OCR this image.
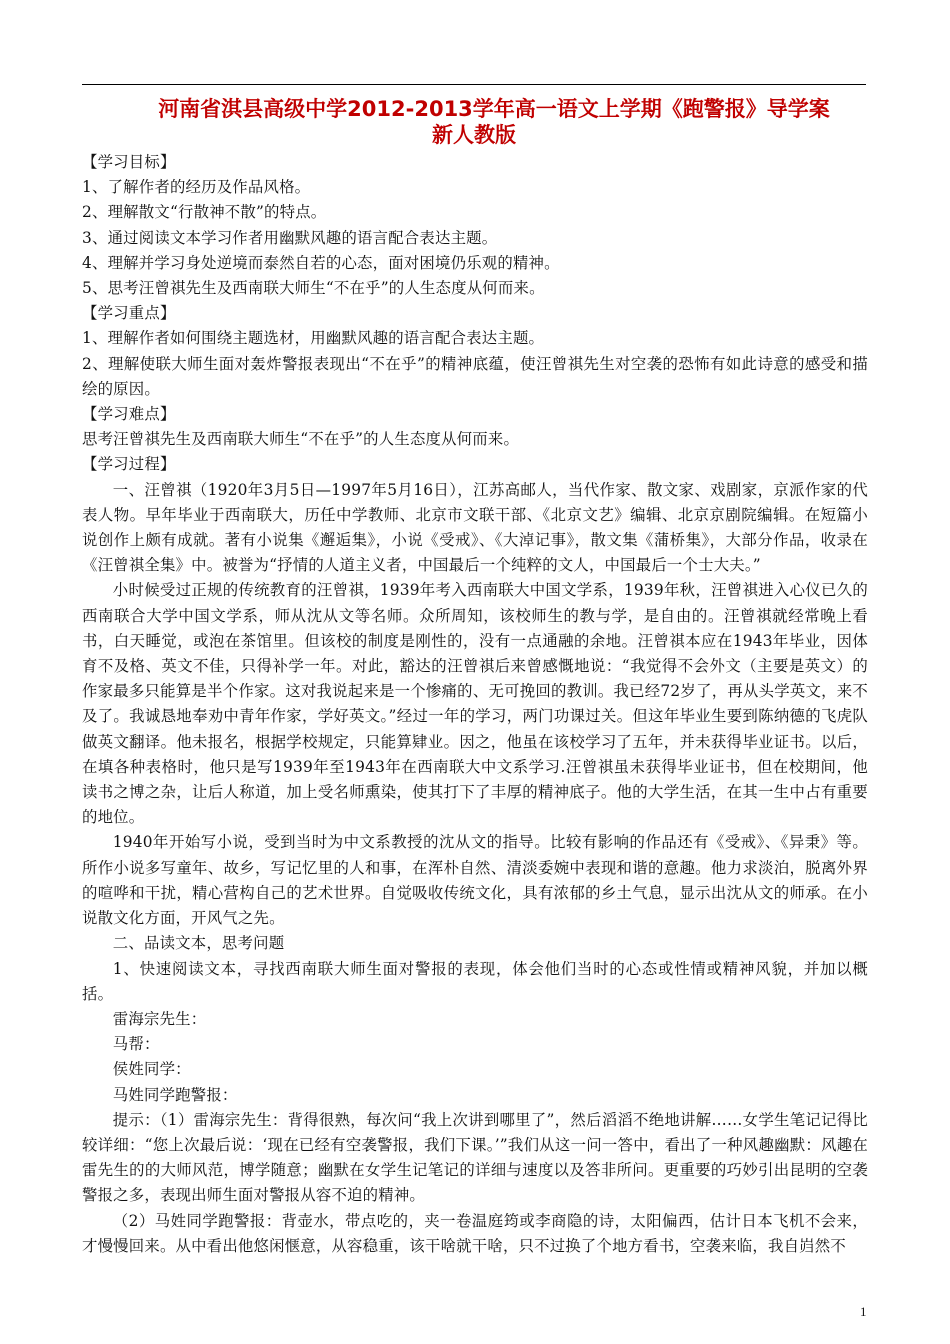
河南省淇县高级中学2012-2013学年高一语文上学期《跑警报》导学案
新人教版

【学习目标】

1、了解作者的经历及作品风格。

2、理解散文“行散神不散”的特点。

3、通过阅读文本学习作者用幽默风趣的语言配合表达主题。

4、理解并学习身处逆境而泰然自若的心态，面对困境仍乐观的精神。

5、思考汪曾祺先生及西南联大师生“不在乎”的人生态度从何而来。

【学习重点】

1、理解作者如何围绕主题选材，用幽默风趣的语言配合表达主题。

2、理解使联大师生面对轰炸警报表现出“不在乎”的精神底蕴，使汪曾祺先生对空袭的恐怖有如此诗意的感受和描绘的原因。

【学习难点】

思考汪曾祺先生及西南联大师生“不在乎”的人生态度从何而来。

【学习过程】

一、汪曾祺（1920年3月5日—1997年5月16日），江苏高邮人，当代作家、散文家、戏剧家，京派作家的代表人物。早年毕业于西南联大，历任中学教师、北京市文联干部、《北京文艺》编辑、北京京剧院编辑。在短篇小说创作上颇有成就。著有小说集《邂逅集》，小说《受戒》、《大淖记事》，散文集《蒲桥集》，大部分作品，收录在《汪曾祺全集》中。被誉为“抒情的人道主义者，中国最后一个纯粹的文人，中国最后一个士大夫。”

小时候受过正规的传统教育的汪曾祺，1939年考入西南联大中国文学系，1939年秋，汪曾祺进入心仪已久的西南联合大学中国文学系，师从沈从文等名师。众所周知，该校师生的教与学，是自由的。汪曾祺就经常晚上看书，白天睡觉，或泡在茶馆里。但该校的制度是刚性的，没有一点通融的余地。汪曾祺本应在1943年毕业，因体育不及格、英文不佳，只得补学一年。对此，豁达的汪曾祺后来曾感慨地说：“我觉得不会外文（主要是英文）的作家最多只能算是半个作家。这对我说起来是一个惨痛的、无可挽回的教训。我已经72岁了，再从头学英文，来不及了。我诚恳地奉劝中青年作家，学好英文。”经过一年的学习，两门功课过关。但这年毕业生要到陈纳德的飞虎队做英文翻译。他未报名，根据学校规定，只能算肄业。因之，他虽在该校学习了五年，并未获得毕业证书。以后，在填各种表格时，他只是写1939年至1943年在西南联大中文系学习.汪曾祺虽未获得毕业证书，但在校期间，他读书之博之杂，让后人称道，加上受名师熏染，使其打下了丰厚的精神底子。他的大学生活，在其一生中占有重要的地位。

1940年开始写小说，受到当时为中文系教授的沈从文的指导。比较有影响的作品还有《受戒》、《异秉》等。所作小说多写童年、故乡，写记忆里的人和事，在浑朴自然、清淡委婉中表现和谐的意趣。他力求淡泊，脱离外界的喧哗和干扰，精心营构自己的艺术世界。自觉吸收传统文化，具有浓郁的乡土气息，显示出沈从文的师承。在小说散文化方面，开风气之先。

二、品读文本，思考问题

1、快速阅读文本，寻找西南联大师生面对警报的表现，体会他们当时的心态或性情或精神风貌，并加以概括。

雷海宗先生：

马帮：

侯姓同学：

马姓同学跑警报：

提示：（1）雷海宗先生：背得很熟，每次问“我上次讲到哪里了”，然后滔滔不绝地讲解……女学生笔记记得比较详细：“您上次最后说：‘现在已经有空袭警报，我们下课。’”我们从这一问一答中，看出了一种风趣幽默：风趣在雷先生的的大师风范，博学随意；幽默在女学生记笔记的详细与速度以及答非所问。更重要的巧妙引出昆明的空袭警报之多，表现出师生面对警报从容不迫的精神。

（2）马姓同学跑警报：背壶水，带点吃的，夹一卷温庭筠或李商隐的诗，太阳偏西，估计日本飞机不会来，才慢慢回来。从中看出他悠闲惬意，从容稳重，该干啥就干啥，只不过换了个地方看书，空袭来临，我自岿然不

1
